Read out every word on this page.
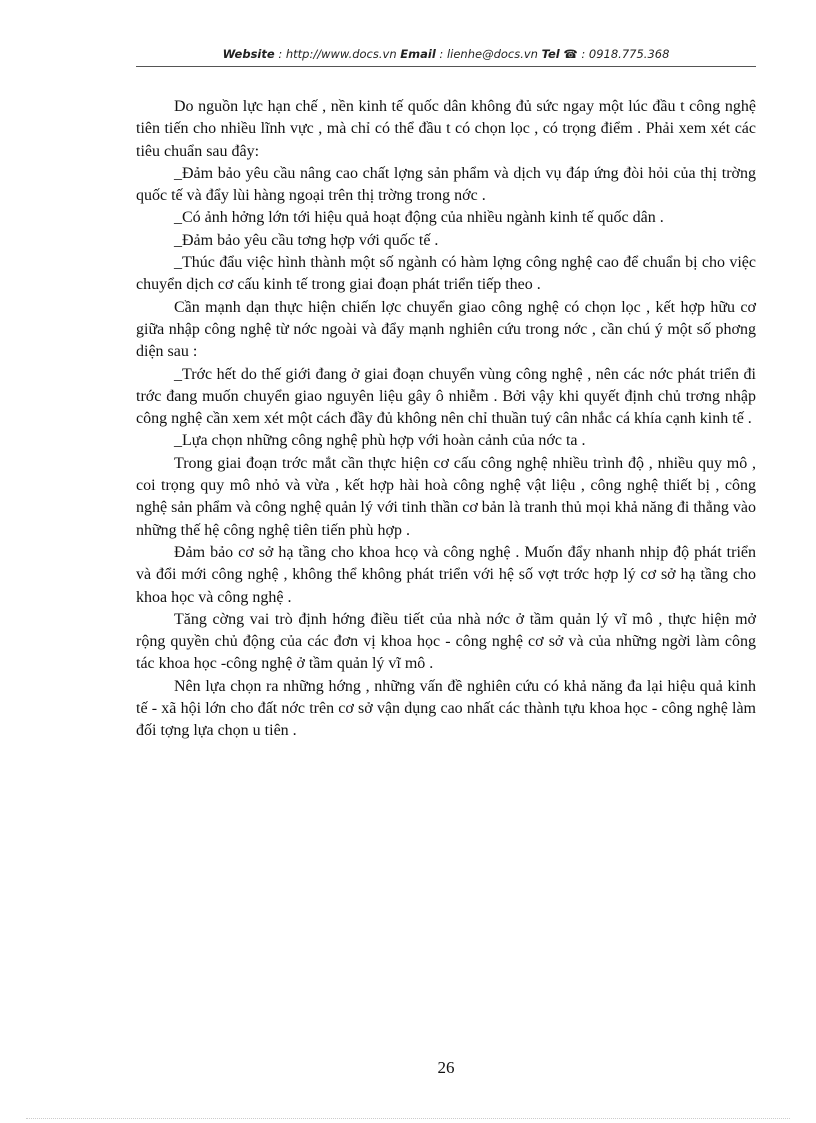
Website : http://www.docs.vn Email : lienhe@docs.vn Tel ☎ : 0918.775.368

Do nguồn lực hạn chế , nền kinh tế quốc dân không đủ sức ngay một lúc đầu t công nghệ tiên tiến cho nhiều lĩnh vực , mà chỉ có thể đầu t có chọn lọc , có trọng điểm . Phải xem xét các tiêu chuẩn sau đây:

_Đảm bảo yêu cầu nâng cao chất lợng sản phẩm và dịch vụ đáp ứng đòi hỏi của thị trờng quốc tế và đẩy lùi hàng ngoại trên thị trờng trong nớc .

_Có ảnh hởng lớn tới hiệu quả hoạt động của nhiều ngành kinh tế quốc dân .

_Đảm bảo yêu cầu tơng hợp với quốc tế .

_Thúc đẩu việc hình thành một số ngành có hàm lợng công nghệ cao để chuẩn bị cho việc chuyển dịch cơ cấu kinh tế trong giai đoạn phát triển tiếp theo .

Cần mạnh dạn thực hiện chiến lợc chuyển giao công nghệ có chọn lọc , kết hợp hữu cơ giữa nhập công nghệ từ nớc ngoài và đẩy mạnh nghiên cứu trong nớc , cần chú ý một số phơng diện sau :

_Trớc hết do thế giới đang ở giai đoạn chuyển vùng công nghệ , nên các nớc phát triển đi trớc đang muốn chuyển giao nguyên liệu gây ô nhiễm . Bởi vậy khi quyết định chủ trơng nhập công nghệ cần xem xét một cách đầy đủ không nên chỉ thuần tuý cân nhắc cá khía cạnh kinh tế .

_Lựa chọn những công nghệ phù hợp với hoàn cảnh của nớc ta .

Trong giai đoạn trớc mắt cần thực hiện cơ cấu công nghệ nhiều trình độ , nhiều quy mô , coi trọng quy mô nhỏ và vừa , kết hợp hài hoà công nghệ vật liệu , công nghệ thiết bị , công nghệ sản phẩm và công nghệ quản lý với tinh thần cơ bản là tranh thủ mọi khả năng đi thẳng vào những thế hệ công nghệ tiên tiến phù hợp .

Đảm bảo cơ sở hạ tầng cho khoa hcọ và công nghệ . Muốn đẩy nhanh nhịp độ phát triển và đổi mới công nghệ , không thể không phát triển với hệ số vợt trớc hợp lý cơ sở hạ tầng cho khoa học và công nghệ .

Tăng cờng vai trò định hớng điều tiết của nhà nớc ở tầm quản lý vĩ mô , thực hiện mở rộng quyền chủ động của các đơn vị khoa học - công nghệ cơ sở và của những ngời làm công tác khoa học -công nghệ ở tầm quản lý vĩ mô .

Nên lựa chọn ra những hớng , những vấn đề nghiên cứu có khả năng đa lại hiệu quả kinh tế - xã hội lớn cho đất nớc trên cơ sở vận dụng cao nhất các thành tựu khoa học - công nghệ làm đối tợng lựa chọn u tiên .

26
